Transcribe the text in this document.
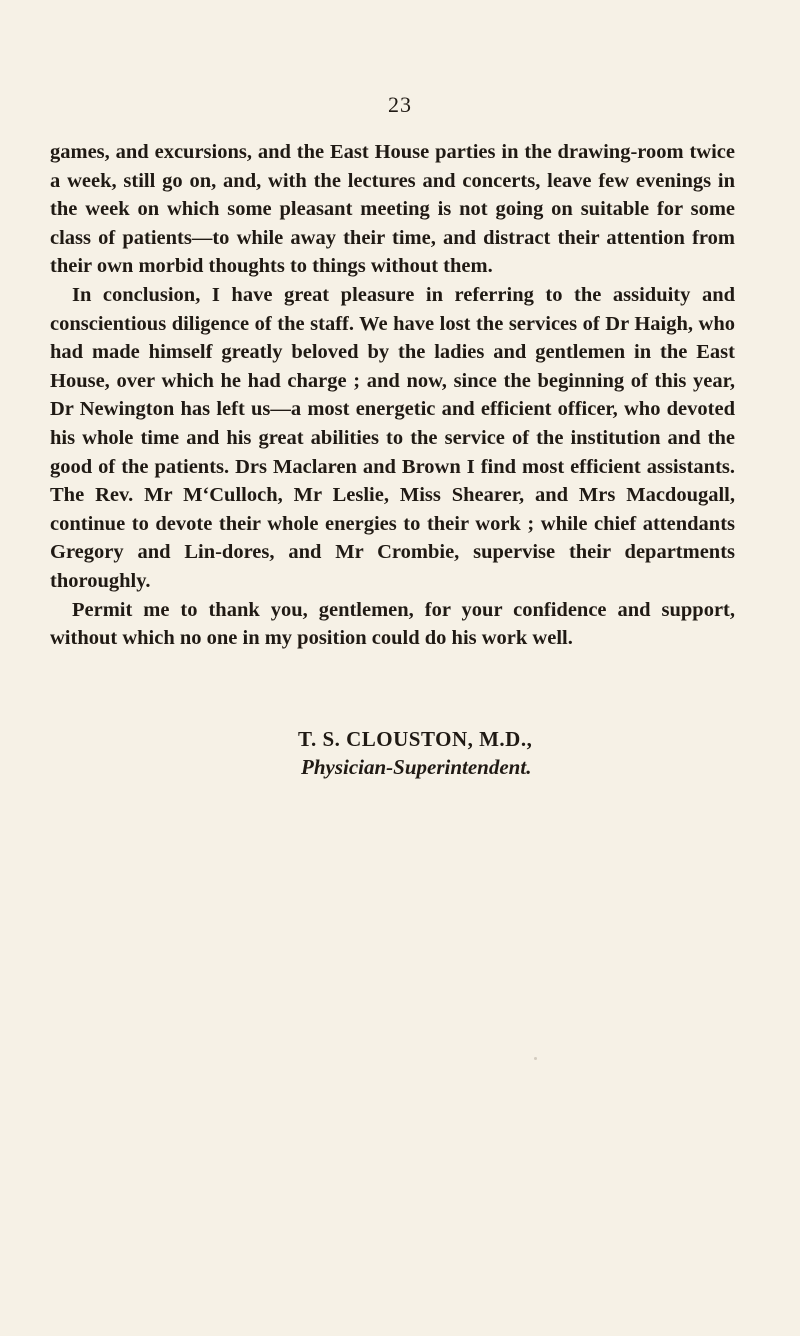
23

games, and excursions, and the East House parties in the drawing-room twice a week, still go on, and, with the lectures and concerts, leave few evenings in the week on which some pleasant meeting is not going on suitable for some class of patients—to while away their time, and distract their attention from their own morbid thoughts to things without them.

In conclusion, I have great pleasure in referring to the assiduity and conscientious diligence of the staff. We have lost the services of Dr Haigh, who had made himself greatly beloved by the ladies and gentlemen in the East House, over which he had charge ; and now, since the beginning of this year, Dr Newington has left us—a most energetic and efficient officer, who devoted his whole time and his great abilities to the service of the institution and the good of the patients. Drs Maclaren and Brown I find most efficient assistants. The Rev. Mr M‘Culloch, Mr Leslie, Miss Shearer, and Mrs Macdougall, continue to devote their whole energies to their work ; while chief attendants Gregory and Lin-dores, and Mr Crombie, supervise their departments thoroughly.

Permit me to thank you, gentlemen, for your confidence and support, without which no one in my position could do his work well.

T. S. CLOUSTON, M.D.,
Physician-Superintendent.
